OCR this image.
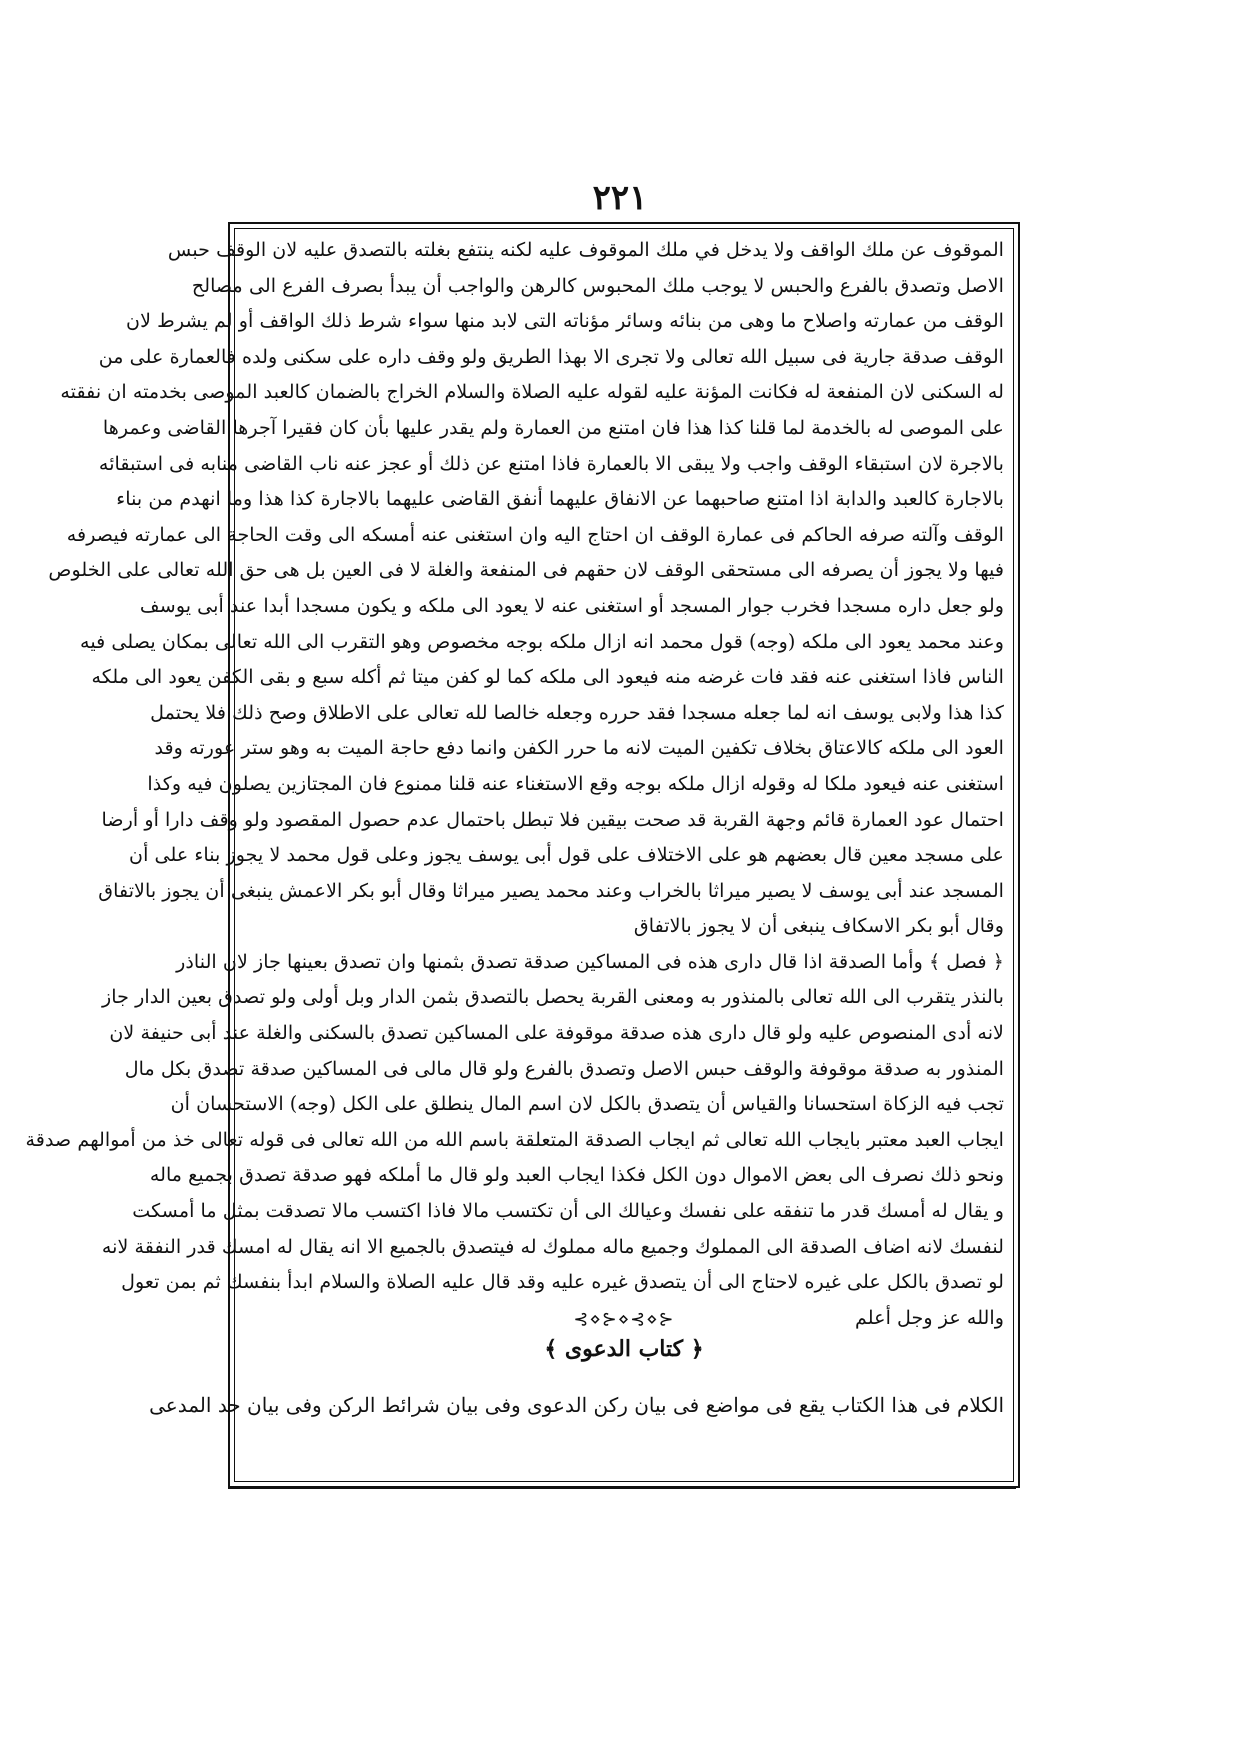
٢٢١
الموقوف عن ملك الواقف ولا يدخل في ملك الموقوف عليه لكنه ينتفع بغلته بالتصدق عليه لان الوقف حبس
الاصل وتصدق بالفرع والحبس لا يوجب ملك المحبوس كالرهن والواجب أن يبدأ بصرف الفرع الى مصالح
الوقف من عمارته واصلاح ما وهى من بنائه وسائر مؤناته التى لابد منها سواء شرط ذلك الواقف أو لم يشرط لان
الوقف صدقة جارية فى سبيل الله تعالى ولا تجرى الا بهذا الطريق ولو وقف داره على سكنى ولده فالعمارة على من
له السكنى لان المنفعة له فكانت المؤنة عليه لقوله عليه الصلاة والسلام الخراج بالضمان كالعبد الموصى بخدمته ان نفقته
على الموصى له بالخدمة لما قلنا كذا هذا فان امتنع من العمارة ولم يقدر عليها بأن كان فقيرا آجرها القاضى وعمرها
بالاجرة لان استبقاء الوقف واجب ولا يبقى الا بالعمارة فاذا امتنع عن ذلك أو عجز عنه ناب القاضى منابه فى استبقائه
بالاجارة كالعبد والدابة اذا امتنع صاحبهما عن الانفاق عليهما أنفق القاضى عليهما بالاجارة كذا هذا وما انهدم من بناء
الوقف وآلته صرفه الحاكم فى عمارة الوقف ان احتاج اليه وان استغنى عنه أمسكه الى وقت الحاجة الى عمارته فيصرفه
فيها ولا يجوز أن يصرفه الى مستحقى الوقف لان حقهم فى المنفعة والغلة لا فى العين بل هى حق الله تعالى على الخلوص
ولو جعل داره مسجدا فخرب جوار المسجد أو استغنى عنه لا يعود الى ملكه و يكون مسجدا أبدا عند أبى يوسف
وعند محمد يعود الى ملكه (وجه) قول محمد انه ازال ملكه بوجه مخصوص وهو التقرب الى الله تعالى بمكان يصلى فيه
الناس فاذا استغنى عنه فقد فات غرضه منه فيعود الى ملكه كما لو كفن ميتا ثم أكله سبع و بقى الكفن يعود الى ملكه
كذا هذا ولابى يوسف انه لما جعله مسجدا فقد حرره وجعله خالصا لله تعالى على الاطلاق وصح ذلك فلا يحتمل
العود الى ملكه كالاعتاق بخلاف تكفين الميت لانه ما حرر الكفن وانما دفع حاجة الميت به وهو ستر عورته وقد
استغنى عنه فيعود ملكا له وقوله ازال ملكه بوجه وقع الاستغناء عنه قلنا ممنوع فان المجتازين يصلون فيه وكذا
احتمال عود العمارة قائم وجهة القربة قد صحت بيقين فلا تبطل باحتمال عدم حصول المقصود ولو وقف دارا أو أرضا
على مسجد معين قال بعضهم هو على الاختلاف على قول أبى يوسف يجوز وعلى قول محمد لا يجوز بناء على أن
المسجد عند أبى يوسف لا يصير ميراثا بالخراب وعند محمد يصير ميراثا وقال أبو بكر الاعمش ينبغى أن يجوز بالاتفاق
وقال أبو بكر الاسكاف ينبغى أن لا يجوز بالاتفاق
﴿ فصل ﴾ وأما الصدقة اذا قال دارى هذه فى المساكين صدقة تصدق بثمنها وان تصدق بعينها جاز لان الناذر
بالنذر يتقرب الى الله تعالى بالمنذور به ومعنى القربة يحصل بالتصدق بثمن الدار وبل أولى ولو تصدق بعين الدار جاز
لانه أدى المنصوص عليه ولو قال دارى هذه صدقة موقوفة على المساكين تصدق بالسكنى والغلة عند أبى حنيفة لان
المنذور به صدقة موقوفة والوقف حبس الاصل وتصدق بالفرع ولو قال مالى فى المساكين صدقة تصدق بكل مال
تجب فيه الزكاة استحسانا والقياس أن يتصدق بالكل لان اسم المال ينطلق على الكل (وجه) الاستحسان أن
ايجاب العبد معتبر بايجاب الله تعالى ثم ايجاب الصدقة المتعلقة باسم الله من الله تعالى فى قوله تعالى خذ من أموالهم صدقة
ونحو ذلك نصرف الى بعض الاموال دون الكل فكذا ايجاب العبد ولو قال ما أملكه فهو صدقة تصدق بجميع ماله
و يقال له أمسك قدر ما تنفقه على نفسك وعيالك الى أن تكتسب مالا فاذا اكتسب مالا تصدقت بمثل ما أمسكت
لنفسك لانه اضاف الصدقة الى المملوك وجميع ماله مملوك له فيتصدق بالجميع الا انه يقال له امسك قدر النفقة لانه
لو تصدق بالكل على غيره لاحتاج الى أن يتصدق غيره عليه وقد قال عليه الصلاة والسلام ابدأ بنفسك ثم بمن تعول
والله عز وجل أعلم
⊰⋄⊱⋄⊰⋄⊱
﴿ كتاب الدعوى ﴾
الكلام فى هذا الكتاب يقع فى مواضع فى بيان ركن الدعوى وفى بيان شرائط الركن وفى بيان حد المدعى
